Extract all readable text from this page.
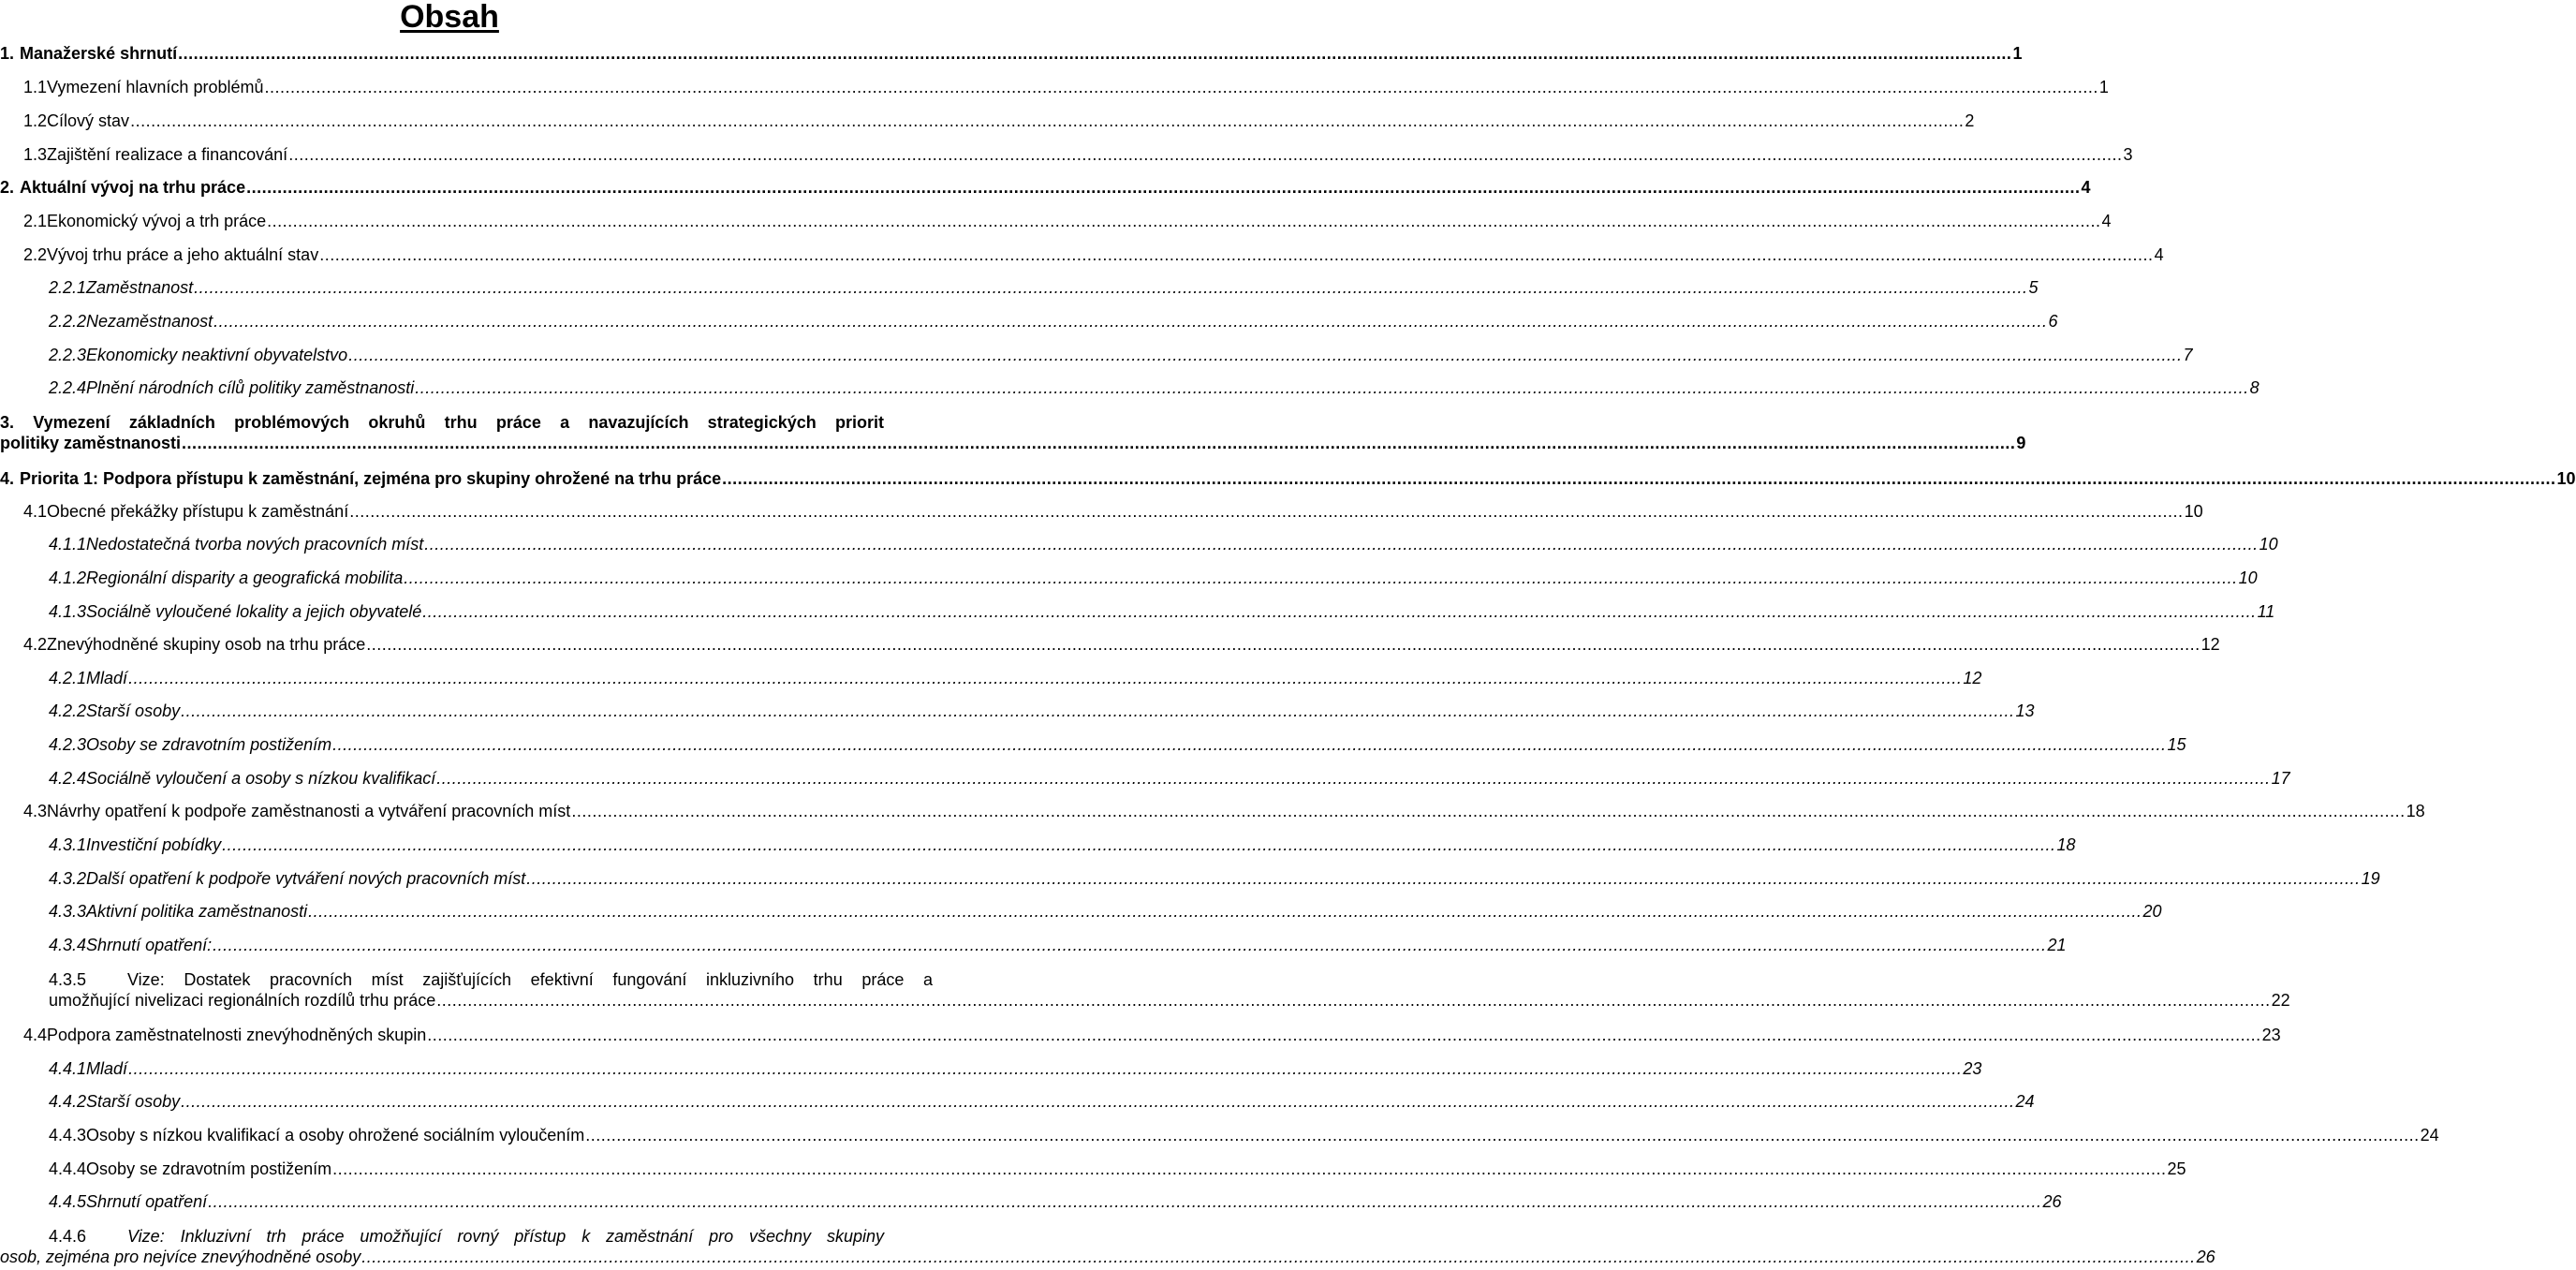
Obsah
1. Manažerské shrnutí .....	1
1.1 Vymezení hlavních problémů .....	1
1.2 Cílový stav .....	2
1.3 Zajištění realizace a financování .....	3
2. Aktuální vývoj na trhu práce .....	4
2.1 Ekonomický vývoj a trh práce .....	4
2.2 Vývoj trhu práce a jeho aktuální stav .....	4
2.2.1 Zaměstnanost .....	5
2.2.2 Nezaměstnanost .....	6
2.2.3 Ekonomicky neaktivní obyvatelstvo .....	7
2.2.4 Plnění národních cílů politiky zaměstnanosti .....	8
3. Vymezení základních problémových okruhů trhu práce a navazujících strategických priorit
politiky zaměstnanosti .....	9
4. Priorita 1: Podpora přístupu k zaměstnání, zejména pro skupiny ohrožené na trhu práce .....	10
4.1 Obecné překážky přístupu k zaměstnání .....	10
4.1.1 Nedostatečná tvorba nových pracovních míst .....	10
4.1.2 Regionální disparity a geografická mobilita .....	10
4.1.3 Sociálně vyloučené lokality a jejich obyvatelé .....	11
4.2 Znevýhodněné skupiny osob na trhu práce .....	12
4.2.1 Mladí .....	12
4.2.2 Starší osoby .....	13
4.2.3 Osoby se zdravotním postižením .....	15
4.2.4 Sociálně vyloučení a osoby s nízkou kvalifikací .....	17
4.3 Návrhy opatření k podpoře zaměstnanosti a vytváření pracovních míst .....	18
4.3.1 Investiční pobídky .....	18
4.3.2 Další opatření k podpoře vytváření nových pracovních míst .....	19
4.3.3 Aktivní politika zaměstnanosti .....	20
4.3.4 Shrnutí opatření: .....	21
4.3.5 Vize: Dostatek pracovních míst zajišťujících efektivní fungování inkluzivního trhu práce a
umožňující nivelizaci regionálních rozdílů trhu práce .....	22
4.4 Podpora zaměstnatelnosti znevýhodněných skupin .....	23
4.4.1 Mladí .....	23
4.4.2 Starší osoby .....	24
4.4.3 Osoby s nízkou kvalifikací a osoby ohrožené sociálním vyloučením .....	24
4.4.4 Osoby se zdravotním postižením .....	25
4.4.5 Shrnutí opatření .....	26
4.4.6 Vize: Inkluzivní trh práce umožňující rovný přístup k zaměstnání pro všechny skupiny
osob, zejména pro nejvíce znevýhodněné osoby .....	26
